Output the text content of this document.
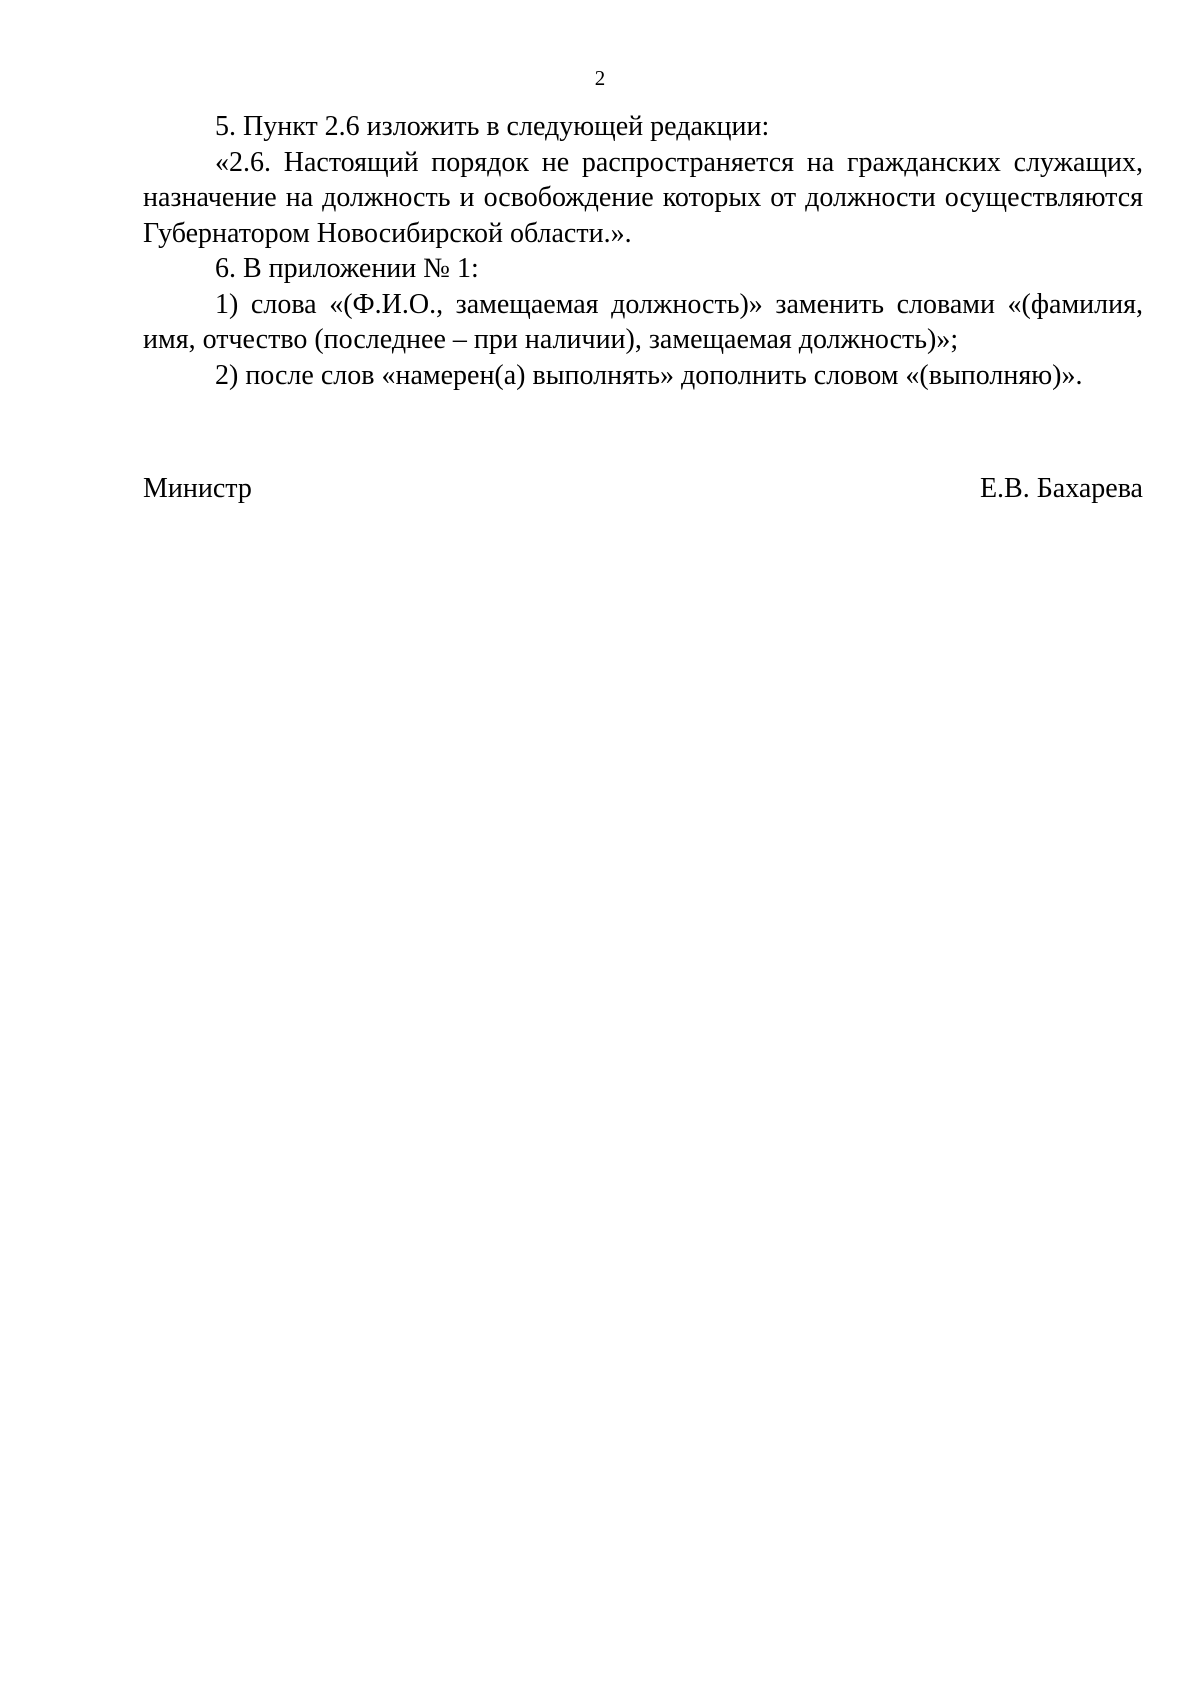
2

5. Пункт 2.6 изложить в следующей редакции:

«2.6. Настоящий порядок не распространяется на гражданских служащих, назначение на должность и освобождение которых от должности осуществляются Губернатором Новосибирской области.».

6. В приложении № 1:

1) слова «(Ф.И.О., замещаемая должность)» заменить словами «(фамилия, имя, отчество (последнее – при наличии), замещаемая должность)»;

2) после слов «намерен(а) выполнять» дополнить словом «(выполняю)».

Министр	Е.В. Бахарева
